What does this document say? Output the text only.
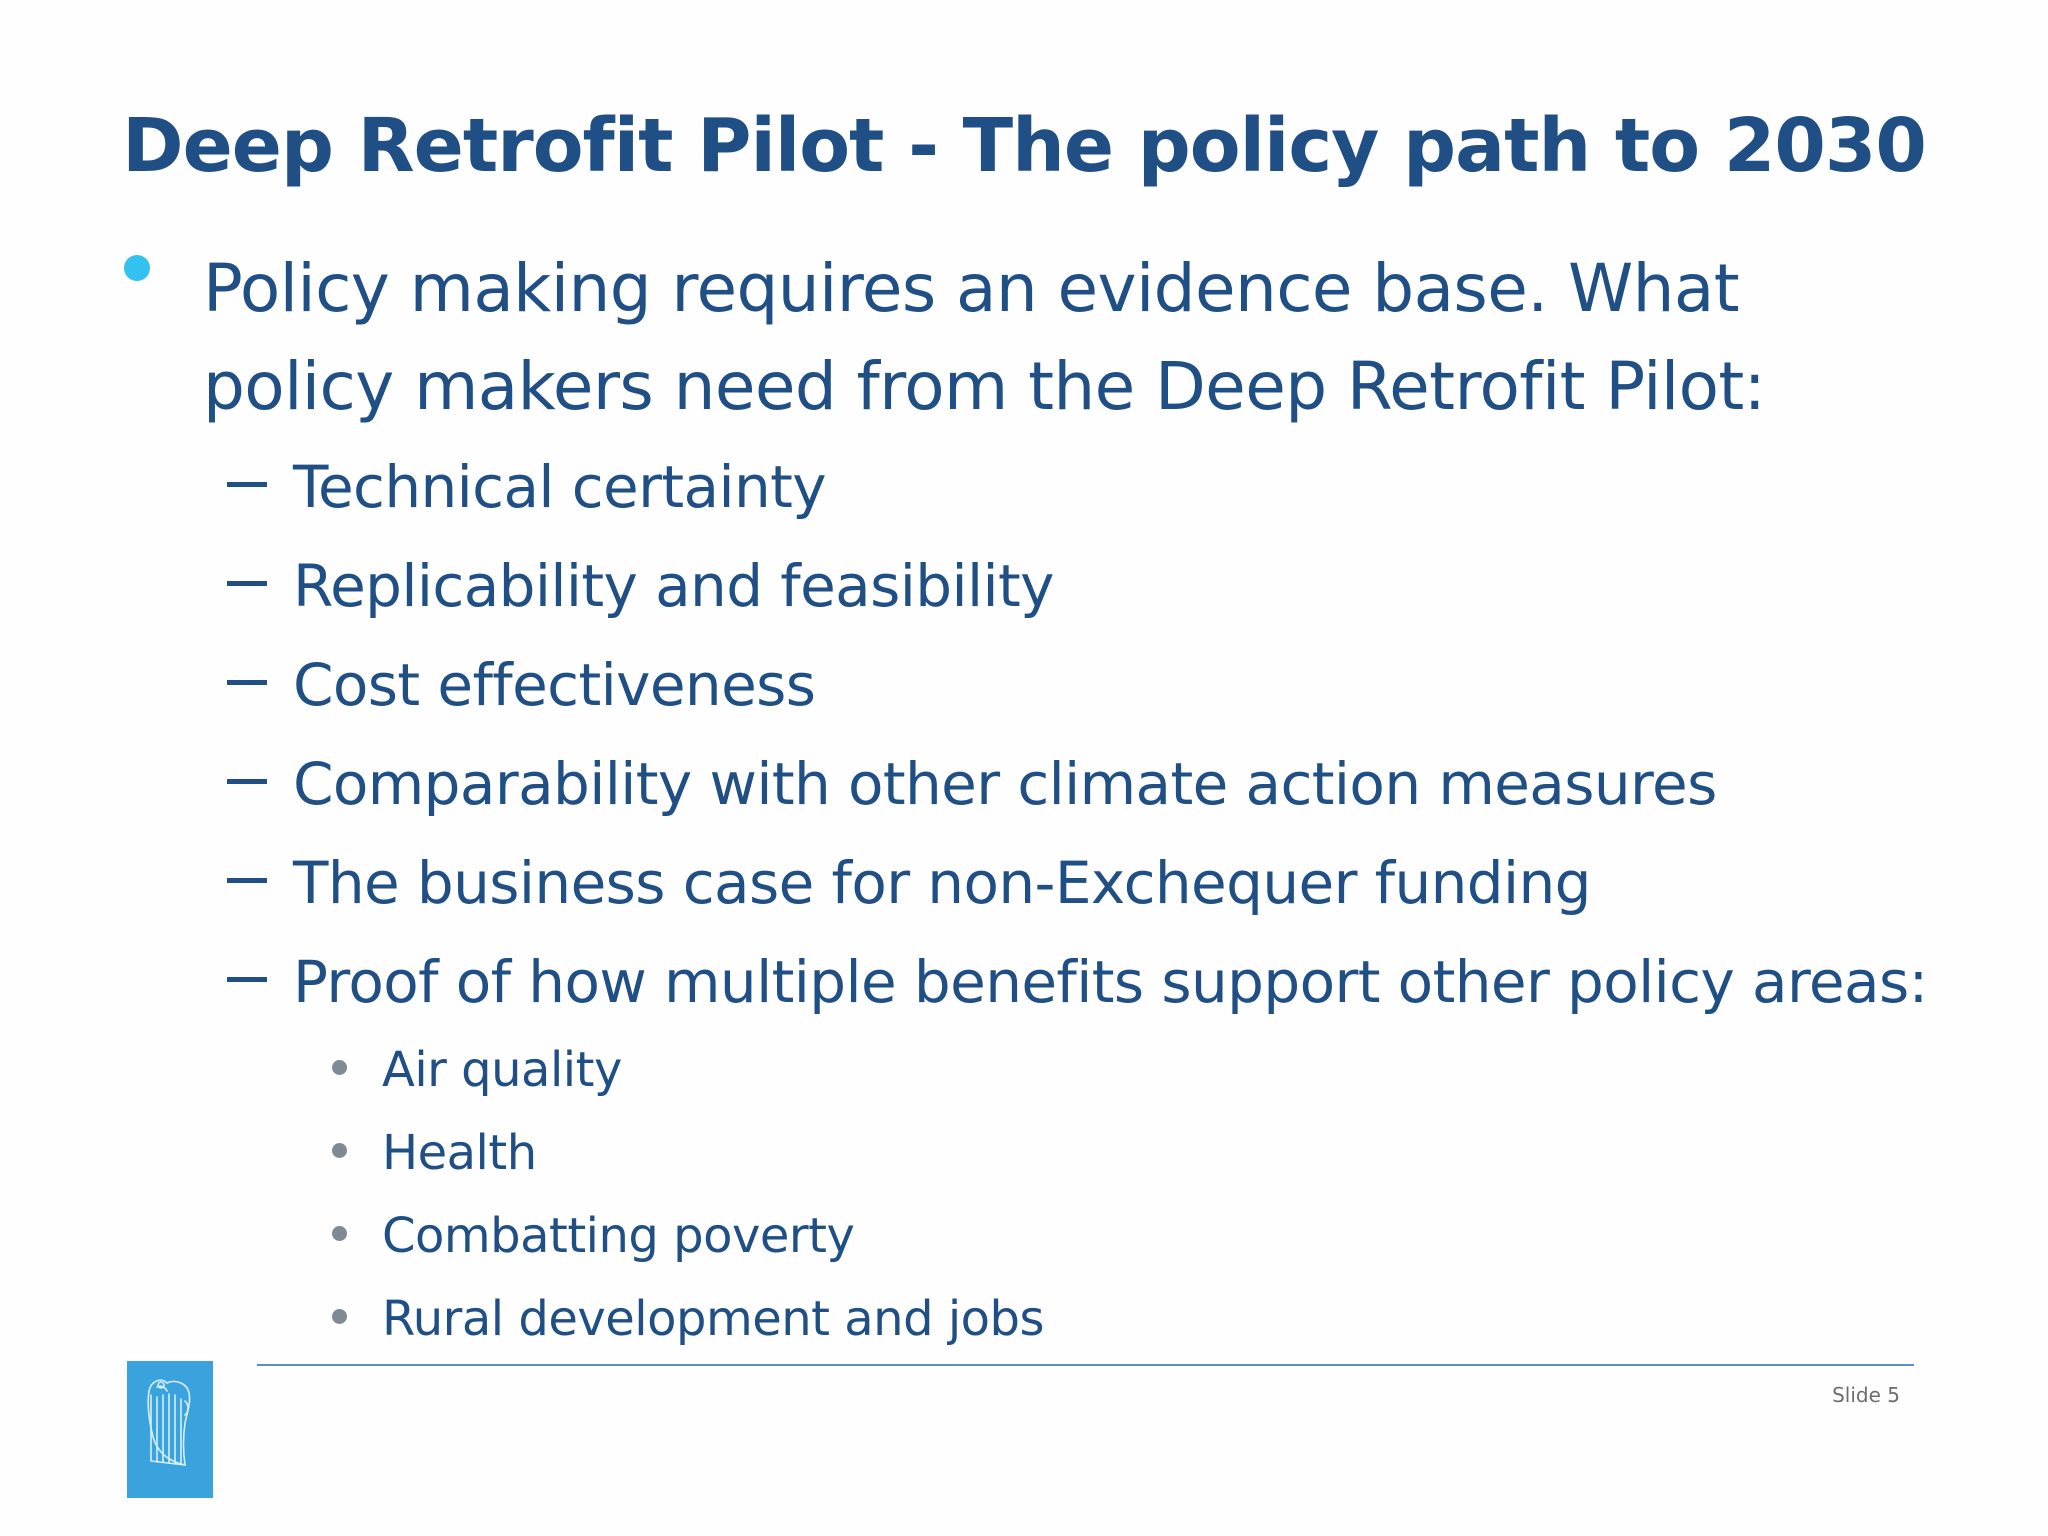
Deep Retrofit Pilot - The policy path to 2030
Policy making requires an evidence base. What policy makers need from the Deep Retrofit Pilot:
Technical certainty
Replicability and feasibility
Cost effectiveness
Comparability with other climate action measures
The business case for non-Exchequer funding
Proof of how multiple benefits support other policy areas:
Air quality
Health
Combatting poverty
Rural development and jobs
Slide 5
